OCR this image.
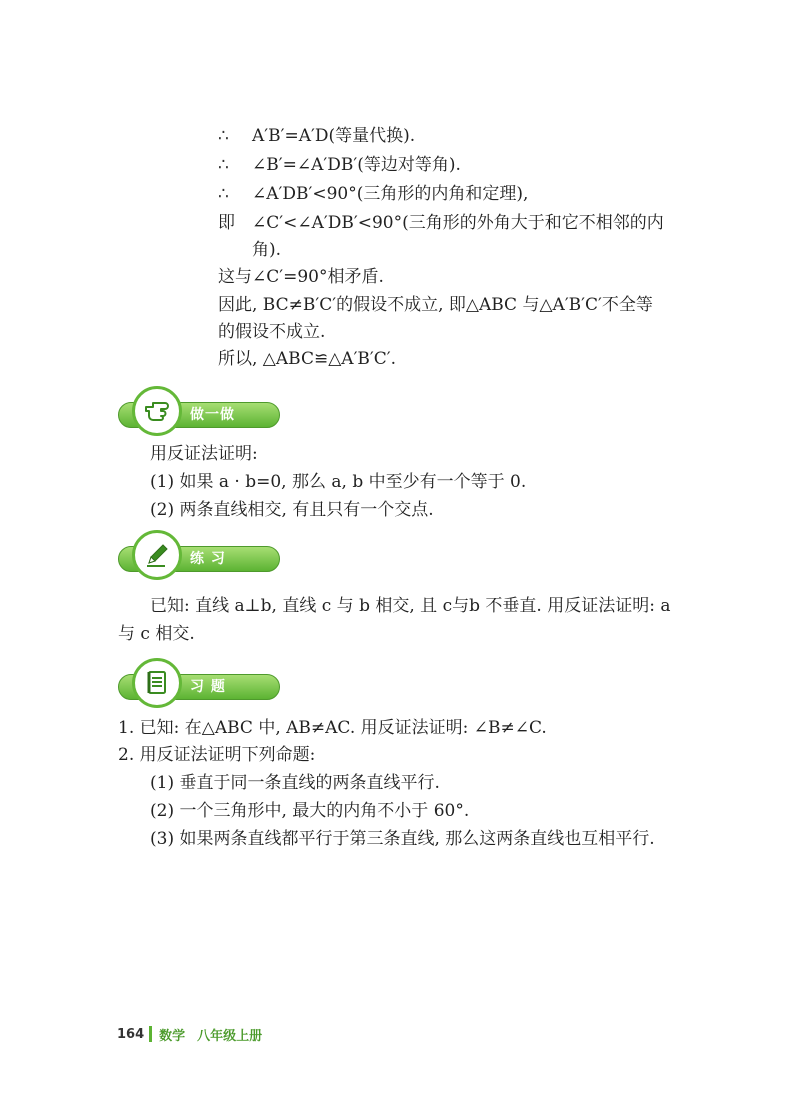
∴ A′B′=A′D(等量代换).
∴ ∠B′=∠A′DB′(等边对等角).
∴ ∠A′DB′<90°(三角形的内角和定理),
即 ∠C′<∠A′DB′<90°(三角形的外角大于和它不相邻的内
角).
这与∠C′=90°相矛盾.
因此, BC≠B′C′的假设不成立, 即△ABC 与△A′B′C′不全等
的假设不成立.
所以, △ABC≌△A′B′C′.
做一做
用反证法证明:
(1) 如果 a · b=0, 那么 a, b 中至少有一个等于 0.
(2) 两条直线相交, 有且只有一个交点.
练 习
已知: 直线 a⊥b, 直线 c 与 b 相交, 且 c与b 不垂直. 用反证法证明: a
与 c 相交.
习 题
1. 已知: 在△ABC 中, AB≠AC. 用反证法证明: ∠B≠∠C.
2. 用反证法证明下列命题:
(1) 垂直于同一条直线的两条直线平行.
(2) 一个三角形中, 最大的内角不小于 60°.
(3) 如果两条直线都平行于第三条直线, 那么这两条直线也互相平行.
164 数学 八年级上册
